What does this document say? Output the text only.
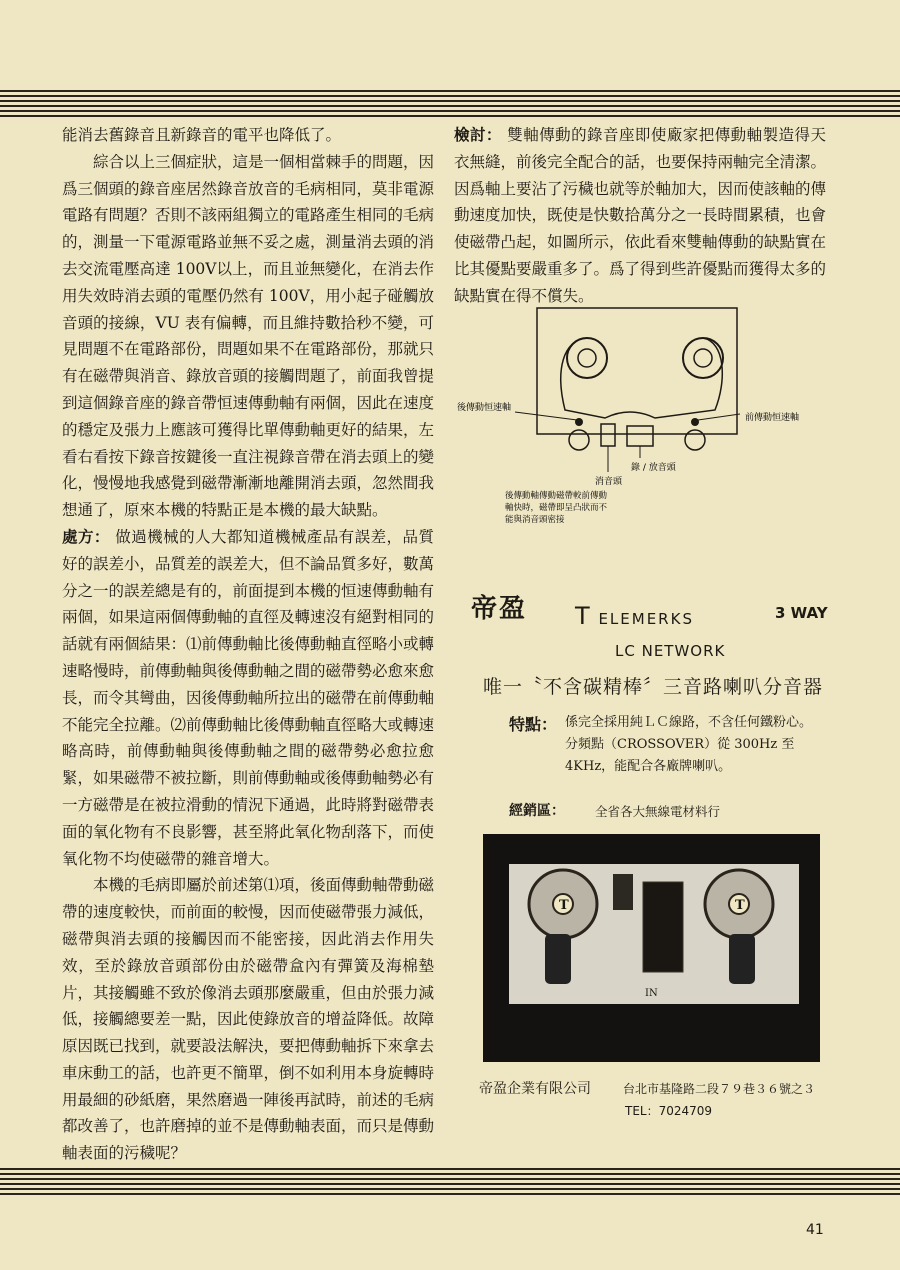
能消去舊錄音且新錄音的電平也降低了。

綜合以上三個症狀，這是一個相當棘手的問題，因爲三個頭的錄音座居然錄音放音的毛病相同，莫非電源電路有問題？否則不該兩組獨立的電路產生相同的毛病的，測量一下電源電路並無不妥之處，測量消去頭的消去交流電壓高達 100V以上，而且並無變化，在消去作用失效時消去頭的電壓仍然有 100V，用小起子碰觸放音頭的接線，VU 表有偏轉，而且維持數拾秒不變，可見問題不在電路部份，問題如果不在電路部份，那就只有在磁帶與消音、錄放音頭的接觸問題了，前面我曾提到這個錄音座的錄音帶恒速傳動軸有兩個，因此在速度的穩定及張力上應該可獲得比單傳動軸更好的結果，左看右看按下錄音按鍵後一直注視錄音帶在消去頭上的變化，慢慢地我感覺到磁帶漸漸地離開消去頭，忽然間我想通了，原來本機的特點正是本機的最大缺點。

處方： 做過機械的人大都知道機械產品有誤差，品質好的誤差小，品質差的誤差大，但不論品質多好，數萬分之一的誤差總是有的，前面提到本機的恒速傳動軸有兩個，如果這兩個傳動軸的直徑及轉速沒有絕對相同的話就有兩個結果：⑴前傳動軸比後傳動軸直徑略小或轉速略慢時，前傳動軸與後傳動軸之間的磁帶勢必愈來愈長，而令其彎曲，因後傳動軸所拉出的磁帶在前傳動軸不能完全拉離。⑵前傳動軸比後傳動軸直徑略大或轉速略高時，前傳動軸與後傳動軸之間的磁帶勢必愈拉愈緊，如果磁帶不被拉斷，則前傳動軸或後傳動軸勢必有一方磁帶是在被拉滑動的情況下通過，此時將對磁帶表面的氧化物有不良影響，甚至將此氧化物刮落下，而使氧化物不均使磁帶的雜音增大。

本機的毛病即屬於前述第⑴項，後面傳動軸帶動磁帶的速度較快，而前面的較慢，因而使磁帶張力減低，磁帶與消去頭的接觸因而不能密接，因此消去作用失效，至於錄放音頭部份由於磁帶盒內有彈簧及海棉墊片，其接觸雖不致於像消去頭那麼嚴重，但由於張力減低，接觸總要差一點，因此使錄放音的增益降低。故障原因既已找到，就要設法解決，要把傳動軸拆下來拿去車床動工的話，也許更不簡單，倒不如利用本身旋轉時用最細的砂紙磨，果然磨過一陣後再試時，前述的毛病都改善了，也許磨掉的並不是傳動軸表面，而只是傳動軸表面的污穢呢？

檢討： 雙軸傳動的錄音座即使廠家把傳動軸製造得天衣無縫，前後完全配合的話，也要保持兩軸完全清潔。因爲軸上要沾了污穢也就等於軸加大，因而使該軸的傳動速度加快，既使是快數拾萬分之一長時間累積，也會使磁帶凸起，如圖所示，依此看來雙軸傳動的缺點實在比其優點要嚴重多了。爲了得到些許優點而獲得太多的缺點實在得不償失。
後傳動恒速軸
前傳動恒速軸
錄 / 放音頭
消音頭
後傳動軸傳動磁帶較前傳動
軸快時，磁帶即呈凸狀而不
能與消音頭密接
帝盈 T ELEMERKS	3 WAY
LC NETWORK
唯一〝不含碳精棒〞三音路喇叭分音器
特點： 係完全採用純ＬＣ線路，不含任何鐵粉心。
分頻點（CROSSOVER）從 300Hz 至4KHz，能配合各廠牌喇叭。
經銷區： 全省各大無線電材料行
T	T
IN
帝盈企業有限公司	台北市基隆路二段７９巷３６號之３
TEL：7024709
41
